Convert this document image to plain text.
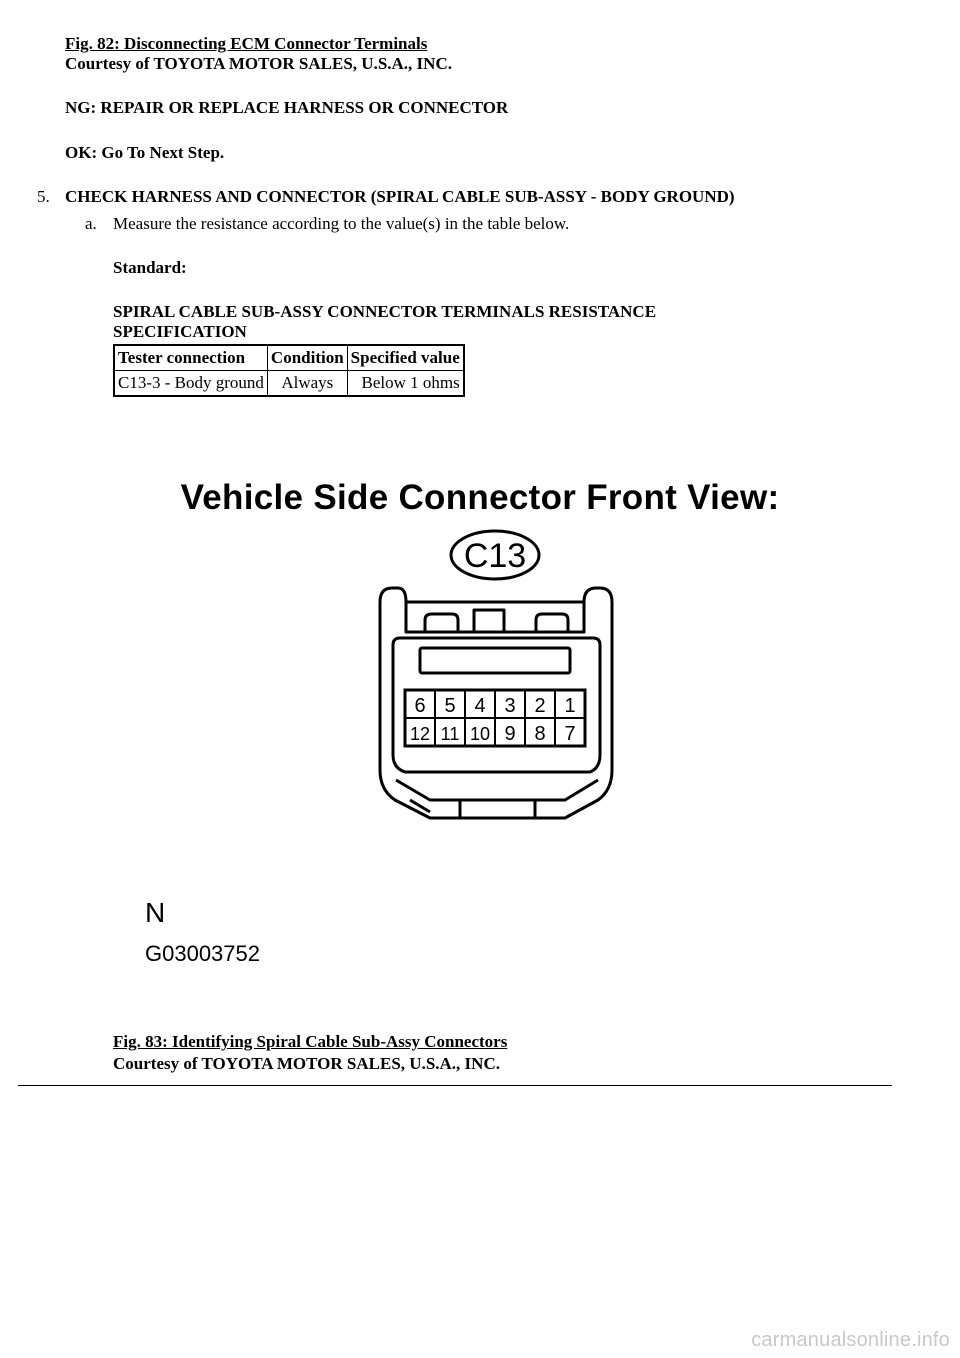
Fig. 82: Disconnecting ECM Connector Terminals
Courtesy of TOYOTA MOTOR SALES, U.S.A., INC.
NG: REPAIR OR REPLACE HARNESS OR CONNECTOR
OK: Go To Next Step.
5. CHECK HARNESS AND CONNECTOR (SPIRAL CABLE SUB-ASSY - BODY GROUND)
a. Measure the resistance according to the value(s) in the table below.
Standard:
SPIRAL CABLE SUB-ASSY CONNECTOR TERMINALS RESISTANCE
SPECIFICATION
Tester connection	Condition	Specified value
C13-3 - Body ground	Always	Below 1 ohms
Vehicle Side Connector Front View:
C13
6 5 4 3 2 1
12 11 10 9 8 7
N
G03003752
Fig. 83: Identifying Spiral Cable Sub-Assy Connectors
Courtesy of TOYOTA MOTOR SALES, U.S.A., INC.
carmanualsonline.info
